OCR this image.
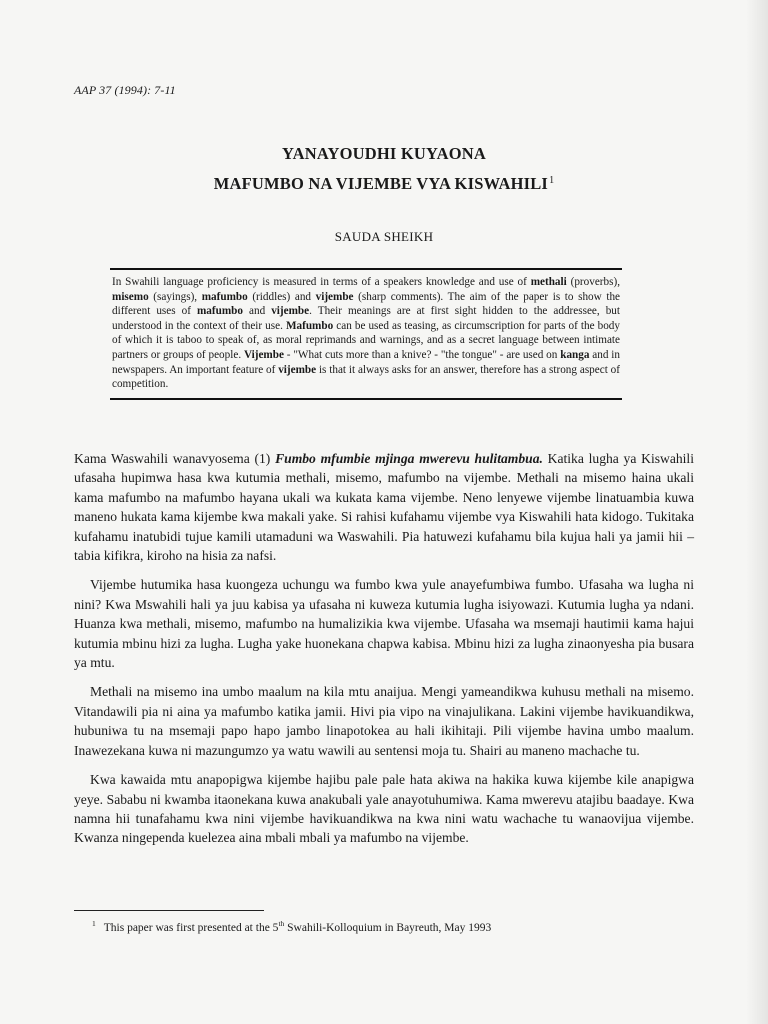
AAP 37 (1994): 7-11
YANAYOUDHI KUYAONA
MAFUMBO NA VIJEMBE VYA KISWAHILI$^1$
SAUDA SHEIKH
In Swahili language proficiency is measured in terms of a speakers knowledge and use of methali (proverbs), misemo (sayings), mafumbo (riddles) and vijembe (sharp comments). The aim of the paper is to show the different uses of mafumbo and vijembe. Their meanings are at first sight hidden to the addressee, but understood in the context of their use. Mafumbo can be used as teasing, as circumscription for parts of the body of which it is taboo to speak of, as moral reprimands and warnings, and as a secret language between intimate partners or groups of people. Vijembe - "What cuts more than a knive? - "the tongue" - are used on kanga and in newspapers. An important feature of vijembe is that it always asks for an answer, therefore has a strong aspect of competition.

Kama Waswahili wanavyosema (1) Fumbo mfumbie mjinga mwerevu hulitambua. Katika lugha ya Kiswahili ufasaha hupimwa hasa kwa kutumia methali, misemo, mafumbo na vijembe. Methali na misemo haina ukali kama mafumbo na mafumbo hayana ukali wa kukata kama vijembe. Neno lenyewe vijembe linatuambia kuwa maneno hukata kama kijembe kwa makali yake. Si rahisi kufahamu vijembe vya Kiswahili hata kidogo. Tukitaka kufahamu inatubidi tujue kamili utamaduni wa Waswahili. Pia hatuwezi kufahamu bila kujua hali ya jamii hii – tabia kifikra, kiroho na hisia za nafsi.

Vijembe hutumika hasa kuongeza uchungu wa fumbo kwa yule anayefumbiwa fumbo. Ufasaha wa lugha ni nini? Kwa Mswahili hali ya juu kabisa ya ufasaha ni kuweza kutumia lugha isiyowazi. Kutumia lugha ya ndani. Huanza kwa methali, misemo, mafumbo na humalizikia kwa vijembe. Ufasaha wa msemaji hautimii kama hajui kutumia mbinu hizi za lugha. Lugha yake huonekana chapwa kabisa. Mbinu hizi za lugha zinaonyesha pia busara ya mtu.

Methali na misemo ina umbo maalum na kila mtu anaijua. Mengi yameandikwa kuhusu methali na misemo. Vitandawili pia ni aina ya mafumbo katika jamii. Hivi pia vipo na vinajulikana. Lakini vijembe havikuandikwa, hubuniwa tu na msemaji papo hapo jambo linapotokea au hali ikihitaji. Pili vijembe havina umbo maalum. Inawezekana kuwa ni mazungumzo ya watu wawili au sentensi moja tu. Shairi au maneno machache tu.

Kwa kawaida mtu anapopigwa kijembe hajibu pale pale hata akiwa na hakika kuwa kijembe kile anapigwa yeye. Sababu ni kwamba itaonekana kuwa anakubali yale anayotuhumiwa. Kama mwerevu atajibu baadaye. Kwa namna hii tunafahamu kwa nini vijembe havikuandikwa na kwa nini watu wachache tu wanaovijua vijembe. Kwanza ningependa kuelezea aina mbali mbali ya mafumbo na vijembe.

$^1$ This paper was first presented at the 5th Swahili-Kolloquium in Bayreuth, May 1993
